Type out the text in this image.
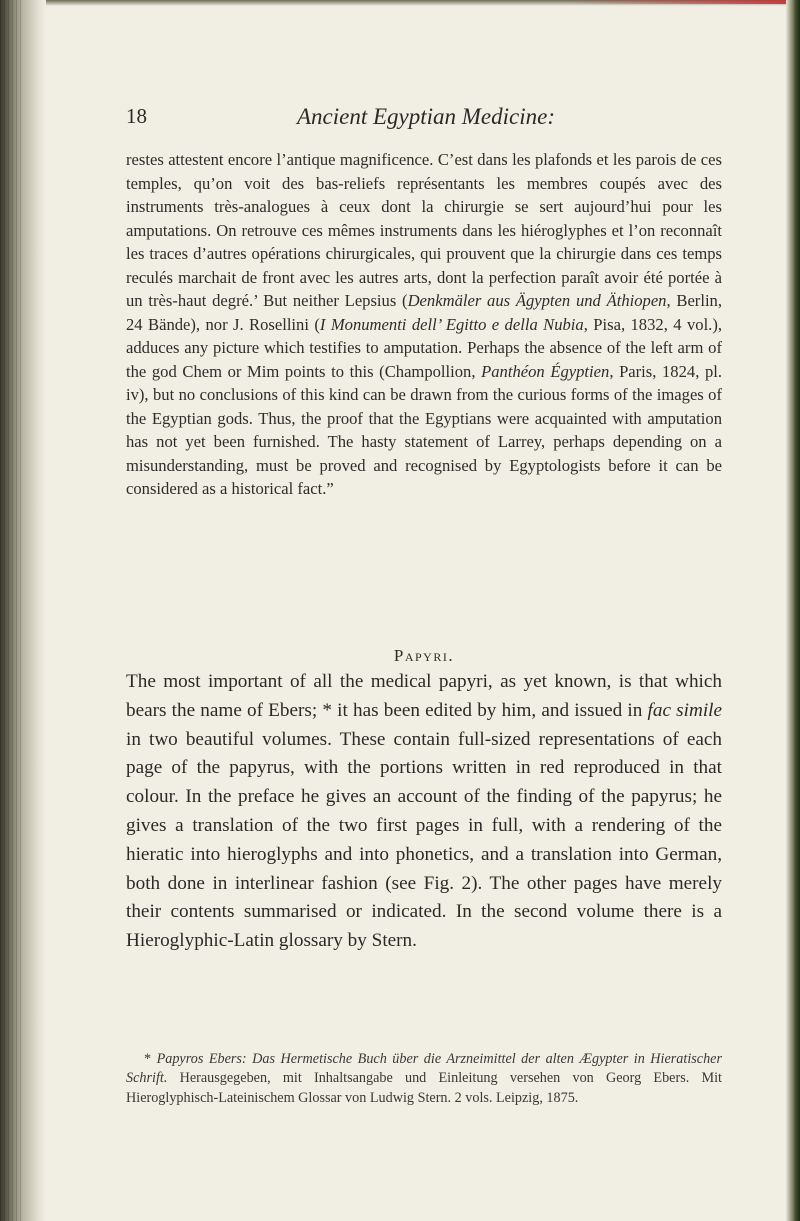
18	Ancient Egyptian Medicine:

restes attestent encore l’antique magnificence. C’est dans les plafonds et les parois de ces temples, qu’on voit des bas-reliefs représentants les membres coupés avec des instruments très-analogues à ceux dont la chirurgie se sert aujourd’hui pour les amputations. On retrouve ces mêmes instruments dans les hiéroglyphes et l’on reconnaît les traces d’autres opérations chirurgicales, qui prouvent que la chirurgie dans ces temps reculés marchait de front avec les autres arts, dont la perfection paraît avoir été portée à un très-haut degré.’ But neither Lepsius (Denkmäler aus Ägypten und Äthiopen, Berlin, 24 Bände), nor J. Rosellini (I Monumenti dell’ Egitto e della Nubia, Pisa, 1832, 4 vol.), adduces any picture which testifies to amputation. Perhaps the absence of the left arm of the god Chem or Mim points to this (Champollion, Panthéon Égyptien, Paris, 1824, pl. iv), but no conclusions of this kind can be drawn from the curious forms of the images of the Egyptian gods. Thus, the proof that the Egyptians were acquainted with amputation has not yet been furnished. The hasty statement of Larrey, perhaps depending on a misunderstanding, must be proved and recognised by Egyptologists before it can be considered as a historical fact.”

Papyri.

The most important of all the medical papyri, as yet known, is that which bears the name of Ebers; * it has been edited by him, and issued in fac simile in two beautiful volumes. These contain full-sized representations of each page of the papyrus, with the portions written in red reproduced in that colour. In the preface he gives an account of the finding of the papyrus; he gives a translation of the two first pages in full, with a rendering of the hieratic into hieroglyphs and into phonetics, and a translation into German, both done in interlinear fashion (see Fig. 2). The other pages have merely their contents summarised or indicated. In the second volume there is a Hieroglyphic-Latin glossary by Stern.

* Papyros Ebers: Das Hermetische Buch über die Arzneimittel der alten Ægypter in Hieratischer Schrift. Herausgegeben, mit Inhaltsangabe und Einleitung versehen von Georg Ebers. Mit Hieroglyphisch-Lateinischem Glossar von Ludwig Stern. 2 vols. Leipzig, 1875.
